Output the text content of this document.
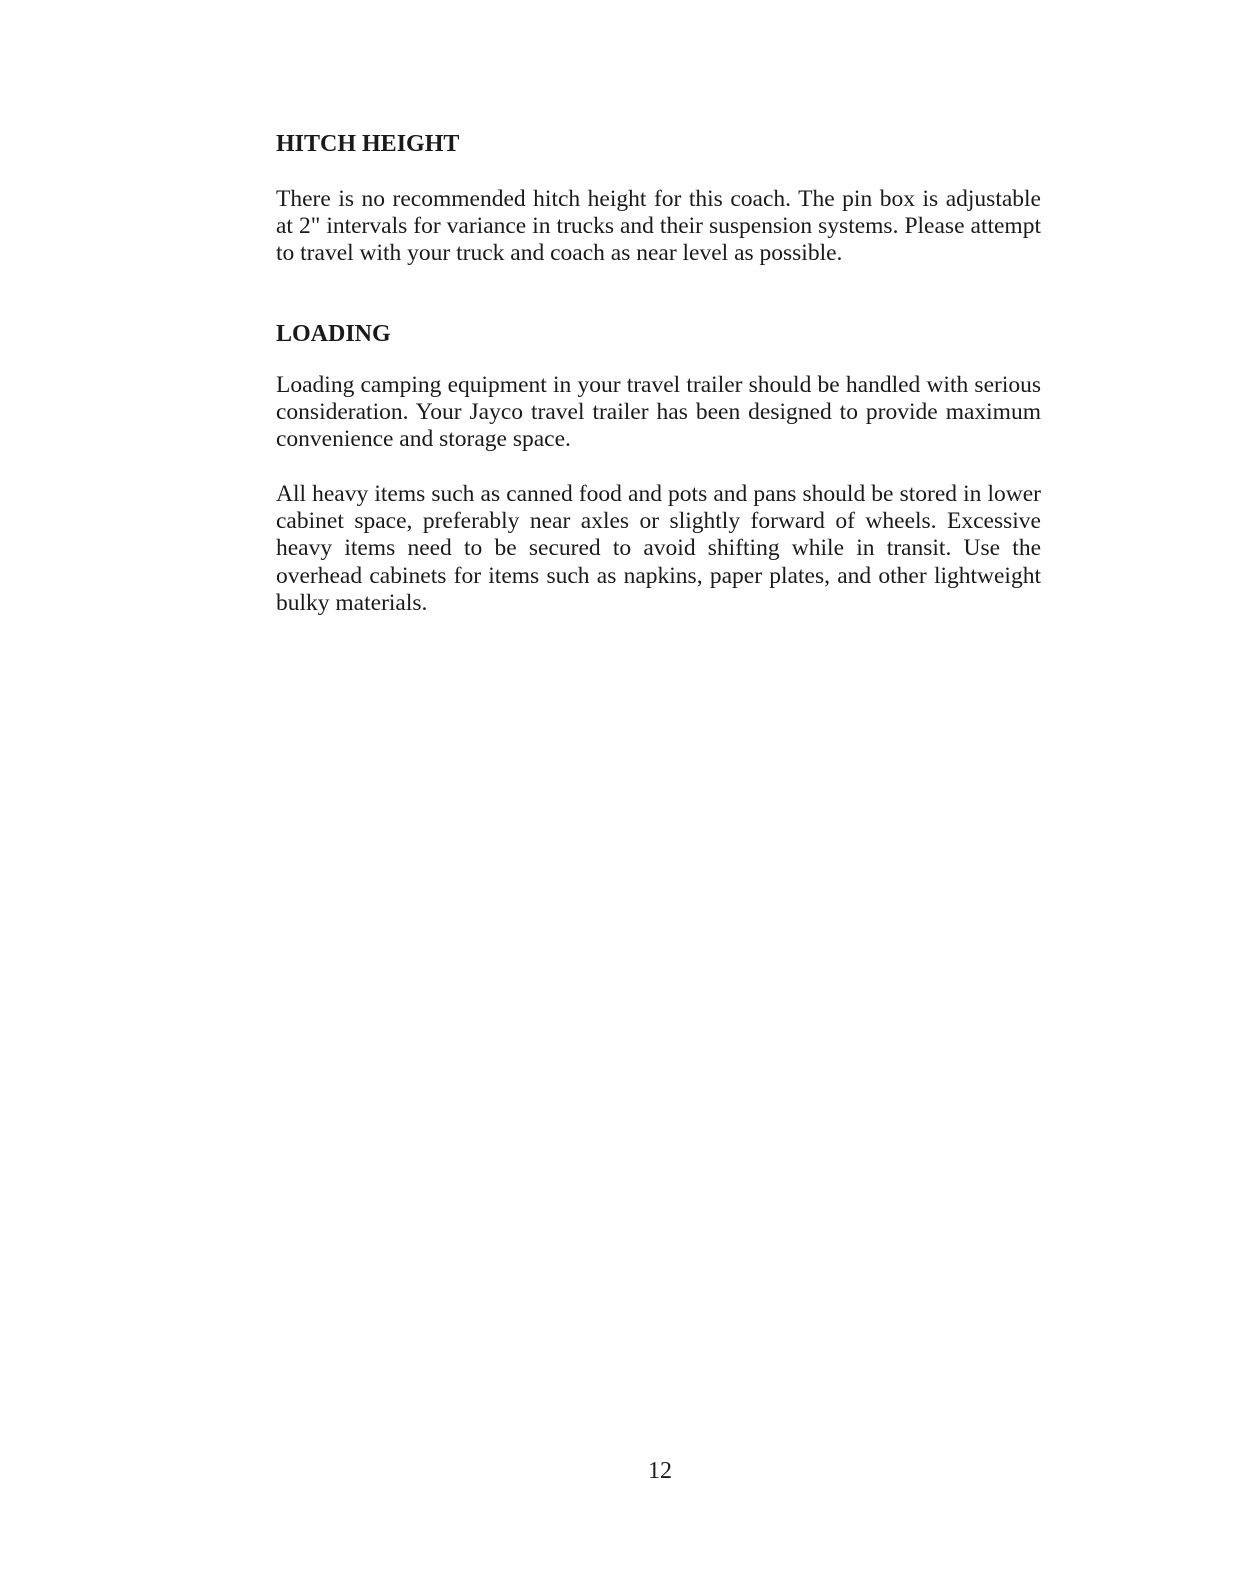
HITCH HEIGHT

There is no recommended hitch height for this coach. The pin box is adjustable at 2" intervals for variance in trucks and their suspension systems. Please attempt to travel with your truck and coach as near level as possible.

LOADING

Loading camping equipment in your travel trailer should be handled with serious consideration. Your Jayco travel trailer has been designed to provide maximum convenience and storage space.

All heavy items such as canned food and pots and pans should be stored in lower cabinet space, preferably near axles or slightly forward of wheels. Excessive heavy items need to be secured to avoid shifting while in transit. Use the overhead cabinets for items such as napkins, paper plates, and other lightweight bulky materials.

12
